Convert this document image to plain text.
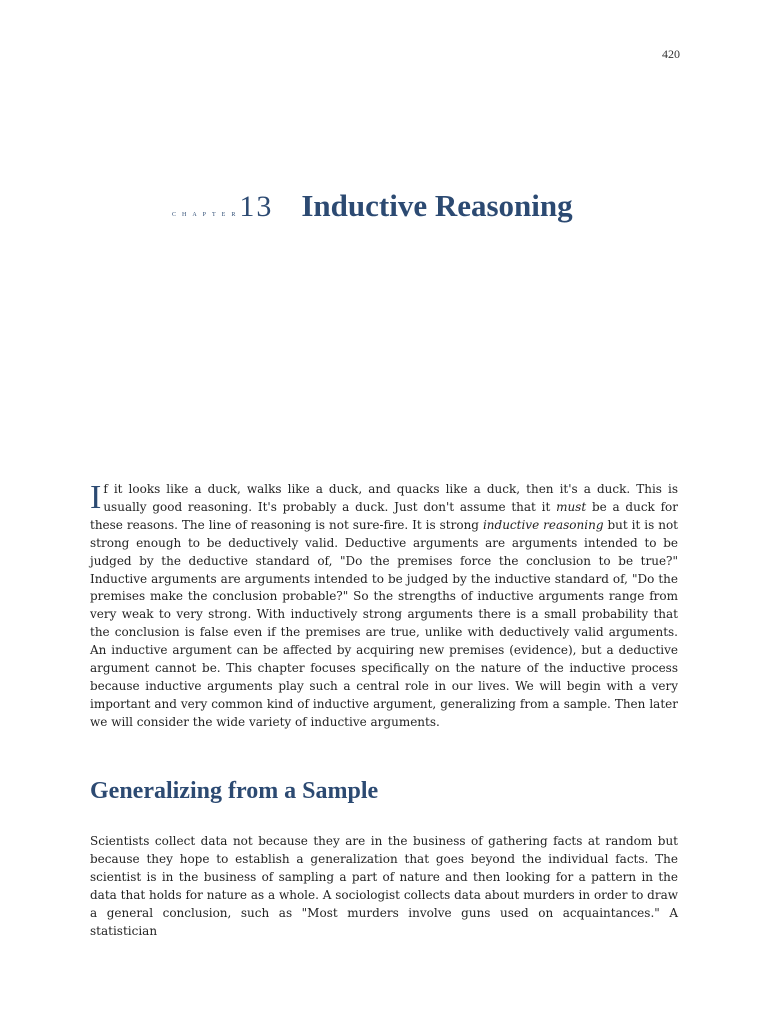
420
CHAPTER13 Inductive Reasoning

If it looks like a duck, walks like a duck, and quacks like a duck, then it's a duck. This is usually good reasoning. It's probably a duck. Just don't assume that it must be a duck for these reasons. The line of reasoning is not sure-fire. It is strong inductive reasoning but it is not strong enough to be deductively valid. Deductive arguments are arguments intended to be judged by the deductive standard of, "Do the premises force the conclusion to be true?" Inductive arguments are arguments intended to be judged by the inductive standard of, "Do the premises make the conclusion probable?" So the strengths of inductive arguments range from very weak to very strong. With inductively strong arguments there is a small probability that the conclusion is false even if the premises are true, unlike with deductively valid arguments. An inductive argument can be affected by acquiring new premises (evidence), but a deductive argument cannot be. This chapter focuses specifically on the nature of the inductive process because inductive arguments play such a central role in our lives. We will begin with a very important and very common kind of inductive argument, generalizing from a sample. Then later we will consider the wide variety of inductive arguments.

Generalizing from a Sample

Scientists collect data not because they are in the business of gathering facts at random but because they hope to establish a generalization that goes beyond the individual facts. The scientist is in the business of sampling a part of nature and then looking for a pattern in the data that holds for nature as a whole. A sociologist collects data about murders in order to draw a general conclusion, such as "Most murders involve guns used on acquaintances." A statistician
